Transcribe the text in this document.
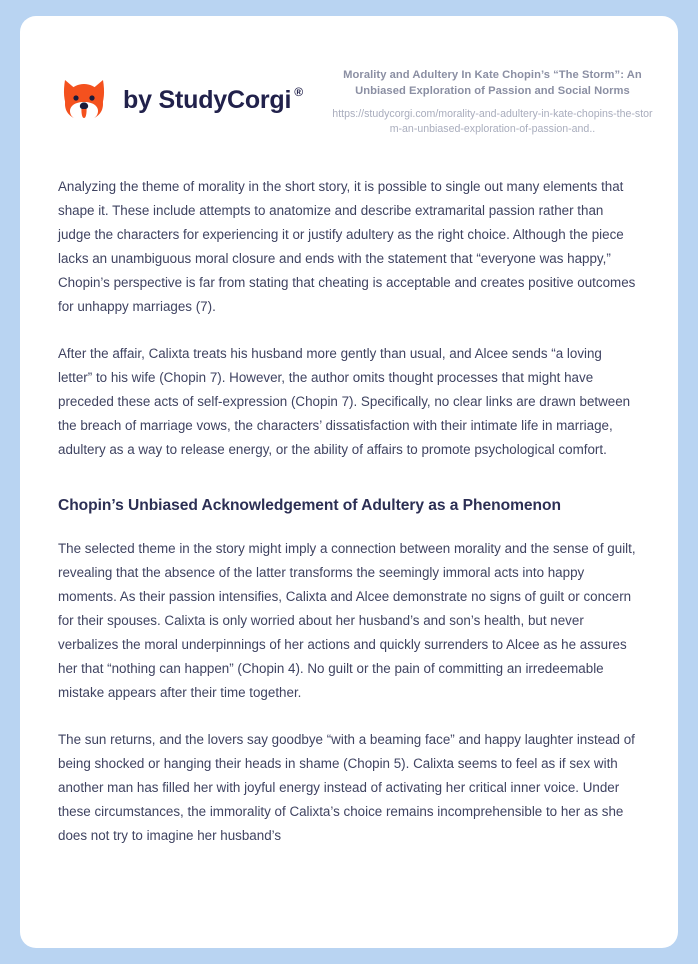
by StudyCorgi ®

Morality and Adultery In Kate Chopin’s “The Storm”: An Unbiased Exploration of Passion and Social Norms

https://studycorgi.com/morality-and-adultery-in-kate-chopins-the-storm-an-unbiased-exploration-of-passion-and..

Analyzing the theme of morality in the short story, it is possible to single out many elements that shape it. These include attempts to anatomize and describe extramarital passion rather than judge the characters for experiencing it or justify adultery as the right choice. Although the piece lacks an unambiguous moral closure and ends with the statement that “everyone was happy,” Chopin’s perspective is far from stating that cheating is acceptable and creates positive outcomes for unhappy marriages (7).

After the affair, Calixta treats his husband more gently than usual, and Alcee sends “a loving letter” to his wife (Chopin 7). However, the author omits thought processes that might have preceded these acts of self-expression (Chopin 7). Specifically, no clear links are drawn between the breach of marriage vows, the characters’ dissatisfaction with their intimate life in marriage, adultery as a way to release energy, or the ability of affairs to promote psychological comfort.

Chopin’s Unbiased Acknowledgement of Adultery as a Phenomenon

The selected theme in the story might imply a connection between morality and the sense of guilt, revealing that the absence of the latter transforms the seemingly immoral acts into happy moments. As their passion intensifies, Calixta and Alcee demonstrate no signs of guilt or concern for their spouses. Calixta is only worried about her husband’s and son’s health, but never verbalizes the moral underpinnings of her actions and quickly surrenders to Alcee as he assures her that “nothing can happen” (Chopin 4). No guilt or the pain of committing an irredeemable mistake appears after their time together.

The sun returns, and the lovers say goodbye “with a beaming face” and happy laughter instead of being shocked or hanging their heads in shame (Chopin 5). Calixta seems to feel as if sex with another man has filled her with joyful energy instead of activating her critical inner voice. Under these circumstances, the immorality of Calixta’s choice remains incomprehensible to her as she does not try to imagine her husband’s
